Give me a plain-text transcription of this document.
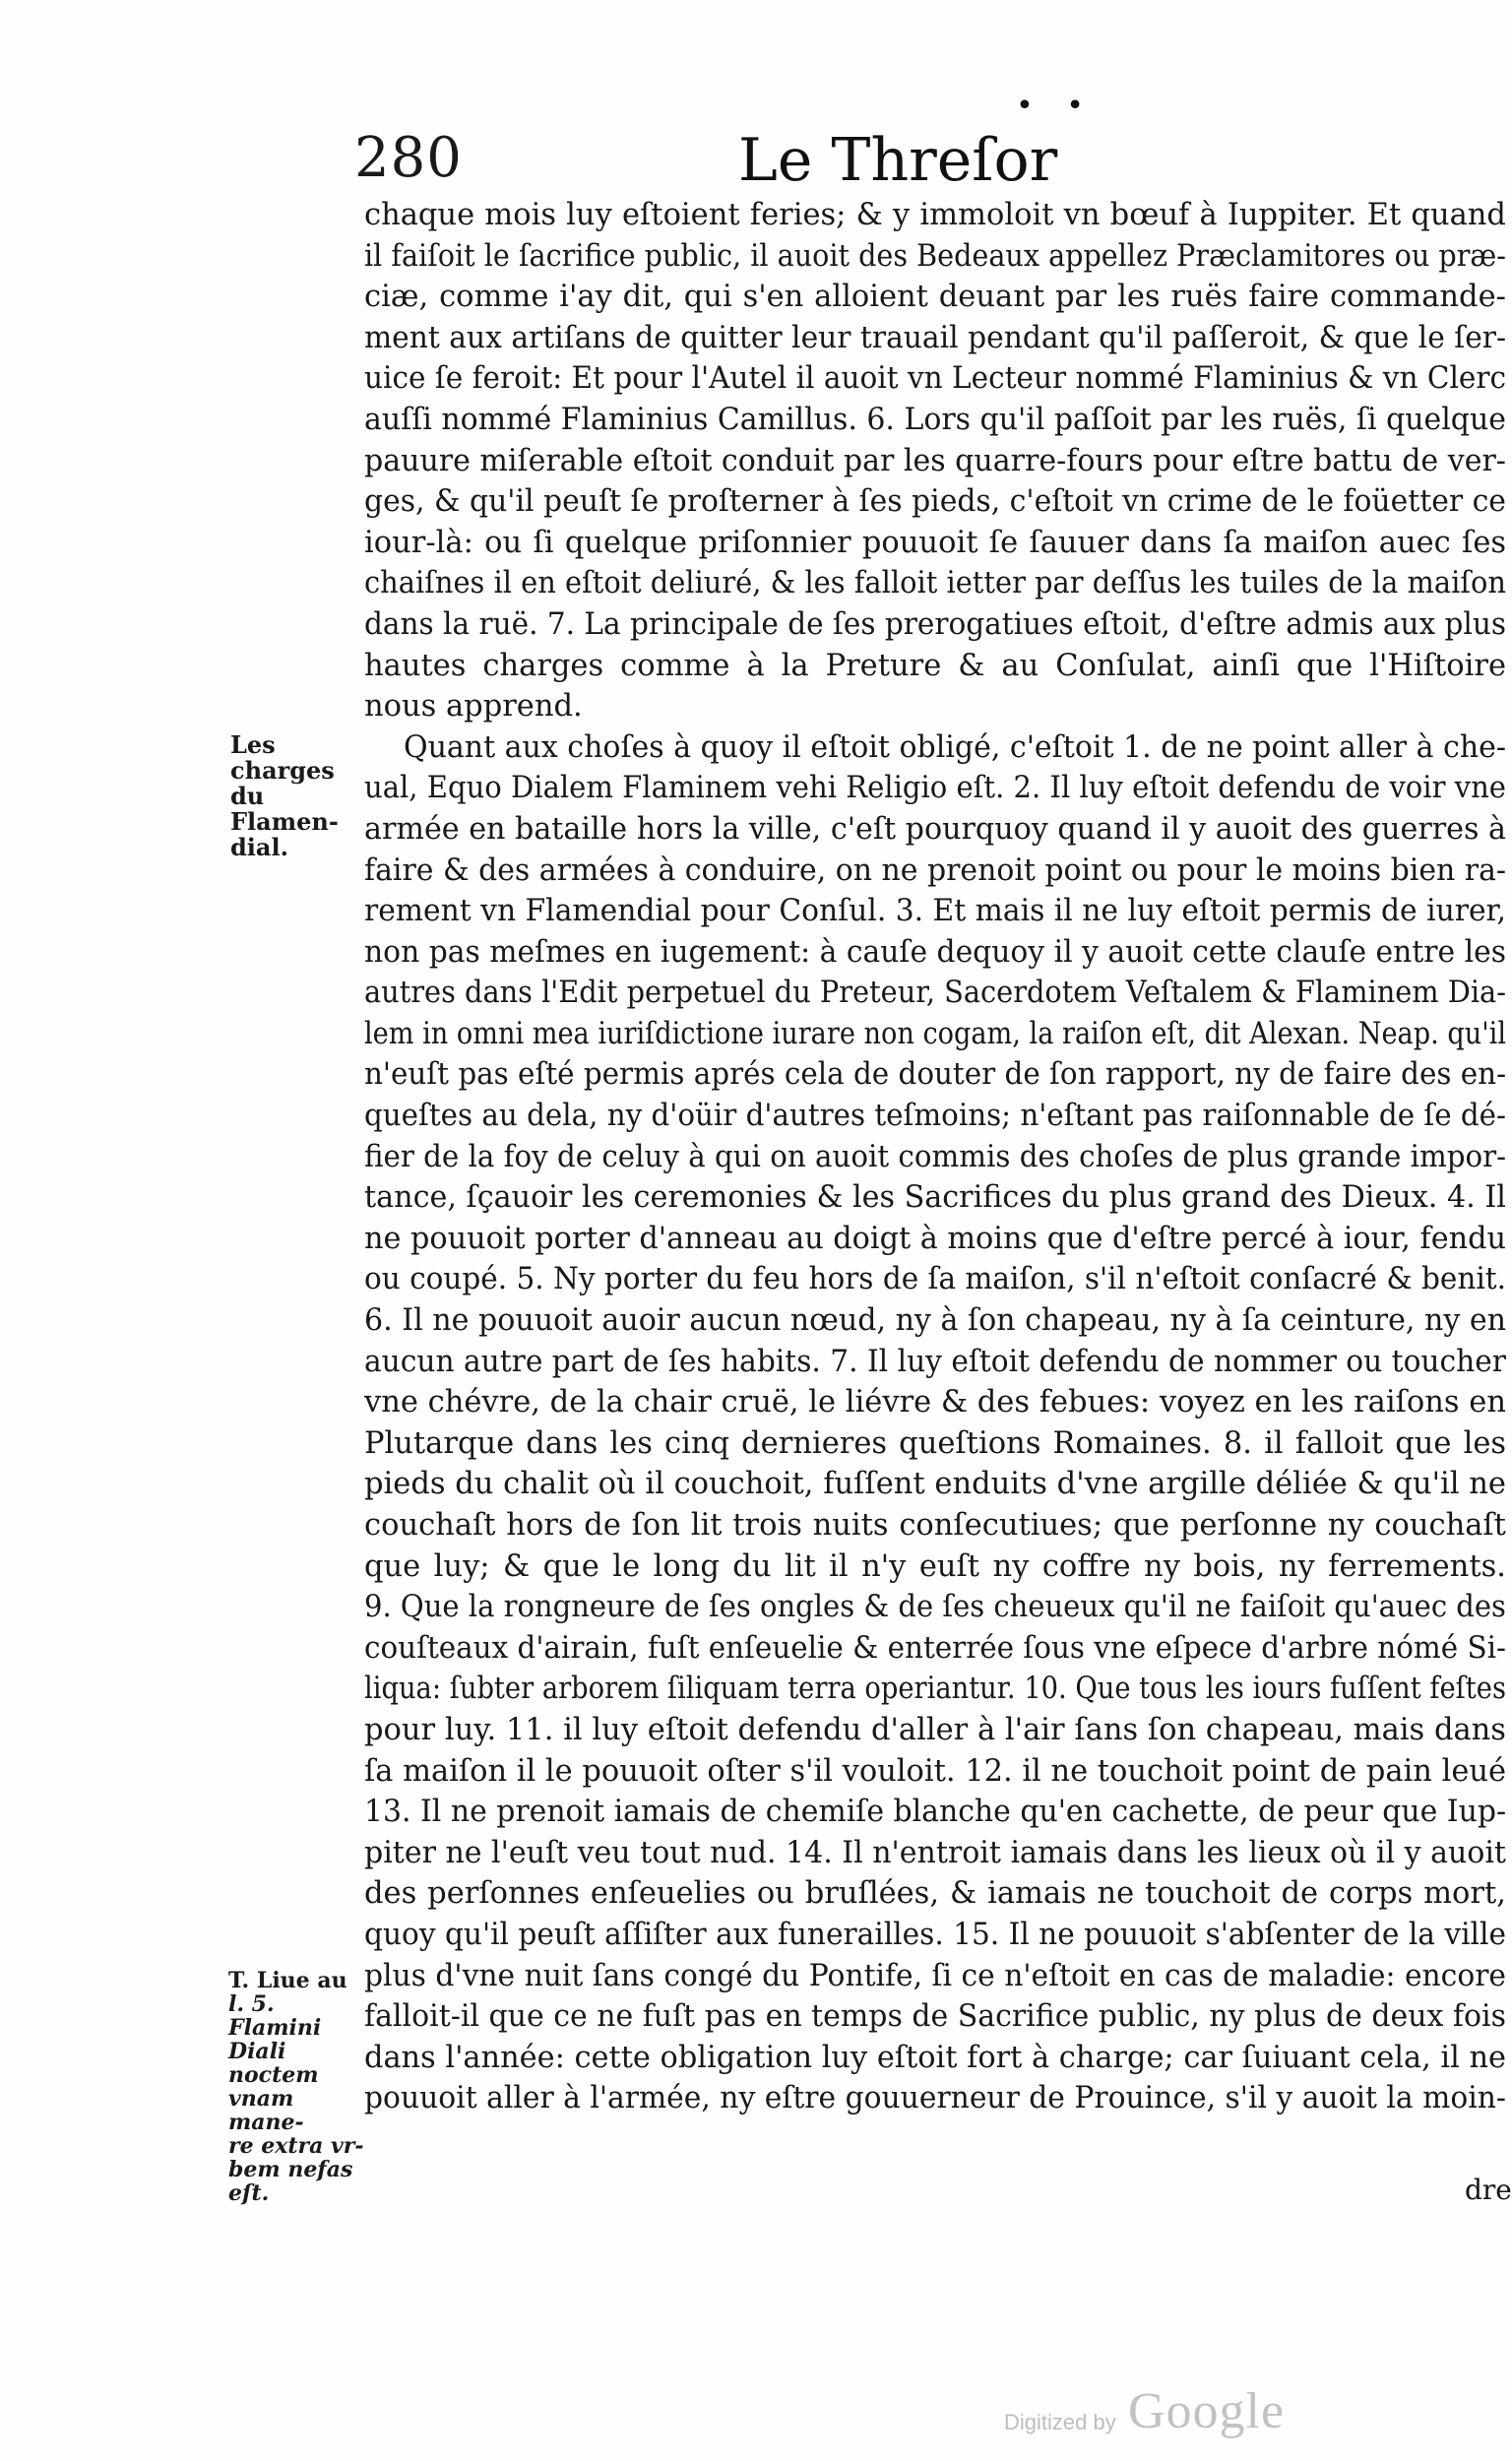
280	Le Threſor
• •
Les charges
du Flamen-
dial.
T. Liue au
l. 5. Flamini
Diali noctem
vnam mane-
re extra vr-
bem nefas eſt.
chaque mois luy eſtoient feries; & y immoloit vn bœuf à Iuppiter. Et quand
il faiſoit le ſacrifice public, il auoit des Bedeaux appellez Præclamitores ou præ-
ciæ, comme i'ay dit, qui s'en alloient deuant par les ruës faire commande-
ment aux artiſans de quitter leur trauail pendant qu'il paſſeroit, & que le ſer-
uice ſe feroit: Et pour l'Autel il auoit vn Lecteur nommé Flaminius & vn Clerc
auſſi nommé Flaminius Camillus. 6. Lors qu'il paſſoit par les ruës, ſi quelque
pauure miſerable eſtoit conduit par les quarre-fours pour eſtre battu de ver-
ges, & qu'il peuſt ſe proſterner à ſes pieds, c'eſtoit vn crime de le foüetter ce
iour-là: ou ſi quelque priſonnier pouuoit ſe ſauuer dans ſa maiſon auec ſes
chaiſnes il en eſtoit deliuré, & les falloit ietter par deſſus les tuiles de la maiſon
dans la ruë. 7. La principale de ſes prerogatiues eſtoit, d'eſtre admis aux plus
hautes charges comme à la Preture & au Conſulat, ainſi que l'Hiſtoire
nous apprend.
Quant aux choſes à quoy il eſtoit obligé, c'eſtoit 1. de ne point aller à che-
ual, Equo Dialem Flaminem vehi Religio eſt. 2. Il luy eſtoit defendu de voir vne
armée en bataille hors la ville, c'eſt pourquoy quand il y auoit des guerres à
faire & des armées à conduire, on ne prenoit point ou pour le moins bien ra-
rement vn Flamendial pour Conſul. 3. Et mais il ne luy eſtoit permis de iurer,
non pas meſmes en iugement: à cauſe dequoy il y auoit cette clauſe entre les
autres dans l'Edit perpetuel du Preteur, Sacerdotem Veſtalem & Flaminem Dia-
lem in omni mea iuriſdictione iurare non cogam, la raiſon eſt, dit Alexan. Neap. qu'il
n'euſt pas eſté permis aprés cela de douter de ſon rapport, ny de faire des en-
queſtes au dela, ny d'oüir d'autres teſmoins; n'eſtant pas raiſonnable de ſe dé-
fier de la foy de celuy à qui on auoit commis des choſes de plus grande impor-
tance, ſçauoir les ceremonies & les Sacrifices du plus grand des Dieux. 4. Il
ne pouuoit porter d'anneau au doigt à moins que d'eſtre percé à iour, fendu
ou coupé. 5. Ny porter du feu hors de ſa maiſon, s'il n'eſtoit conſacré & benit.
6. Il ne pouuoit auoir aucun nœud, ny à ſon chapeau, ny à ſa ceinture, ny en
aucun autre part de ſes habits. 7. Il luy eſtoit defendu de nommer ou toucher
vne chévre, de la chair cruë, le liévre & des febues: voyez en les raiſons en
Plutarque dans les cinq dernieres queſtions Romaines. 8. il falloit que les
pieds du chalit où il couchoit, fuſſent enduits d'vne argille déliée & qu'il ne
couchaſt hors de ſon lit trois nuits conſecutiues; que perſonne ny couchaſt
que luy; & que le long du lit il n'y euſt ny coffre ny bois, ny ferrements.
9. Que la rongneure de ſes ongles & de ſes cheueux qu'il ne faiſoit qu'auec des
couſteaux d'airain, fuſt enſeuelie & enterrée ſous vne eſpece d'arbre nómé Si-
liqua: ſubter arborem ſiliquam terra operiantur. 10. Que tous les iours fuſſent feſtes
pour luy. 11. il luy eſtoit defendu d'aller à l'air ſans ſon chapeau, mais dans
ſa maiſon il le pouuoit oſter s'il vouloit. 12. il ne touchoit point de pain leué
13. Il ne prenoit iamais de chemiſe blanche qu'en cachette, de peur que Iup-
piter ne l'euſt veu tout nud. 14. Il n'entroit iamais dans les lieux où il y auoit
des perſonnes enſeuelies ou bruſlées, & iamais ne touchoit de corps mort,
quoy qu'il peuſt aſſiſter aux funerailles. 15. Il ne pouuoit s'abſenter de la ville
plus d'vne nuit ſans congé du Pontife, ſi ce n'eſtoit en cas de maladie: encore
falloit-il que ce ne fuſt pas en temps de Sacrifice public, ny plus de deux fois
dans l'année: cette obligation luy eſtoit fort à charge; car ſuiuant cela, il ne
pouuoit aller à l'armée, ny eſtre gouuerneur de Prouince, s'il y auoit la moin-
dre
Digitized by Google
